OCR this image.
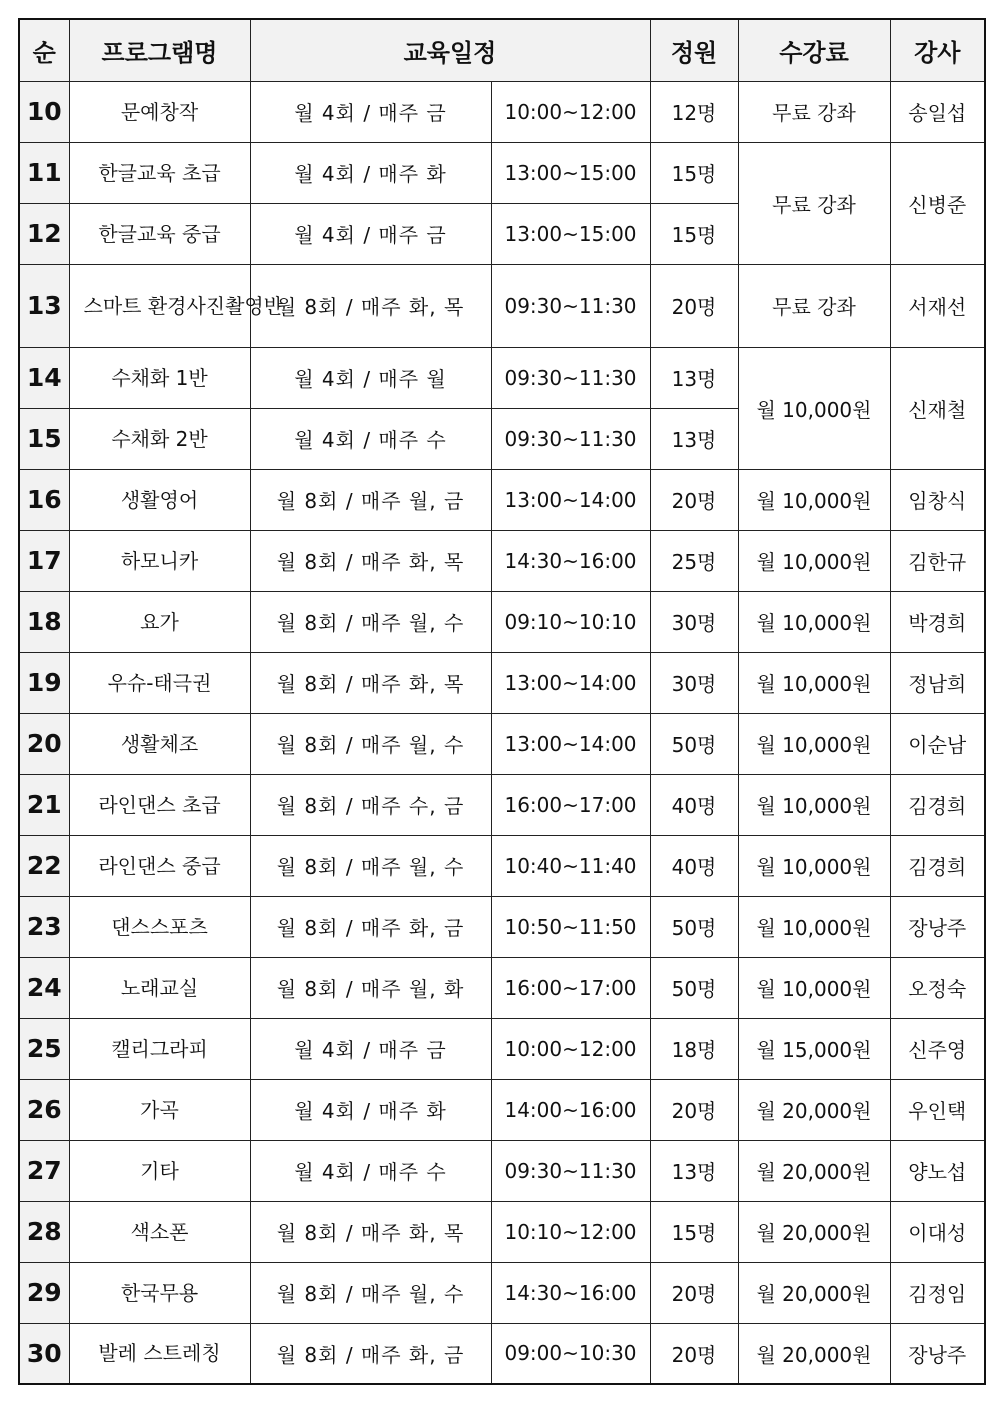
순	프로그램명	교육일정		정원	수강료	강사
10	문예창작	월 4회 / 매주 금	10:00~12:00	12명	무료 강좌	송일섭
11	한글교육 초급	월 4회 / 매주 화	13:00~15:00	15명	무료 강좌	신병준
12	한글교육 중급	월 4회 / 매주 금	13:00~15:00	15명		
13	스마트 환경사진촬영반	월 8회 / 매주 화, 목	09:30~11:30	20명	무료 강좌	서재선
14	수채화 1반	월 4회 / 매주 월	09:30~11:30	13명	월 10,000원	신재철
15	수채화 2반	월 4회 / 매주 수	09:30~11:30	13명		
16	생활영어	월 8회 / 매주 월, 금	13:00~14:00	20명	월 10,000원	임창식
17	하모니카	월 8회 / 매주 화, 목	14:30~16:00	25명	월 10,000원	김한규
18	요가	월 8회 / 매주 월, 수	09:10~10:10	30명	월 10,000원	박경희
19	우슈-태극권	월 8회 / 매주 화, 목	13:00~14:00	30명	월 10,000원	정남희
20	생활체조	월 8회 / 매주 월, 수	13:00~14:00	50명	월 10,000원	이순남
21	라인댄스 초급	월 8회 / 매주 수, 금	16:00~17:00	40명	월 10,000원	김경희
22	라인댄스 중급	월 8회 / 매주 월, 수	10:40~11:40	40명	월 10,000원	김경희
23	댄스스포츠	월 8회 / 매주 화, 금	10:50~11:50	50명	월 10,000원	장낭주
24	노래교실	월 8회 / 매주 월, 화	16:00~17:00	50명	월 10,000원	오정숙
25	캘리그라피	월 4회 / 매주 금	10:00~12:00	18명	월 15,000원	신주영
26	가곡	월 4회 / 매주 화	14:00~16:00	20명	월 20,000원	우인택
27	기타	월 4회 / 매주 수	09:30~11:30	13명	월 20,000원	양노섭
28	색소폰	월 8회 / 매주 화, 목	10:10~12:00	15명	월 20,000원	이대성
29	한국무용	월 8회 / 매주 월, 수	14:30~16:00	20명	월 20,000원	김정임
30	발레 스트레칭	월 8회 / 매주 화, 금	09:00~10:30	20명	월 20,000원	장낭주
